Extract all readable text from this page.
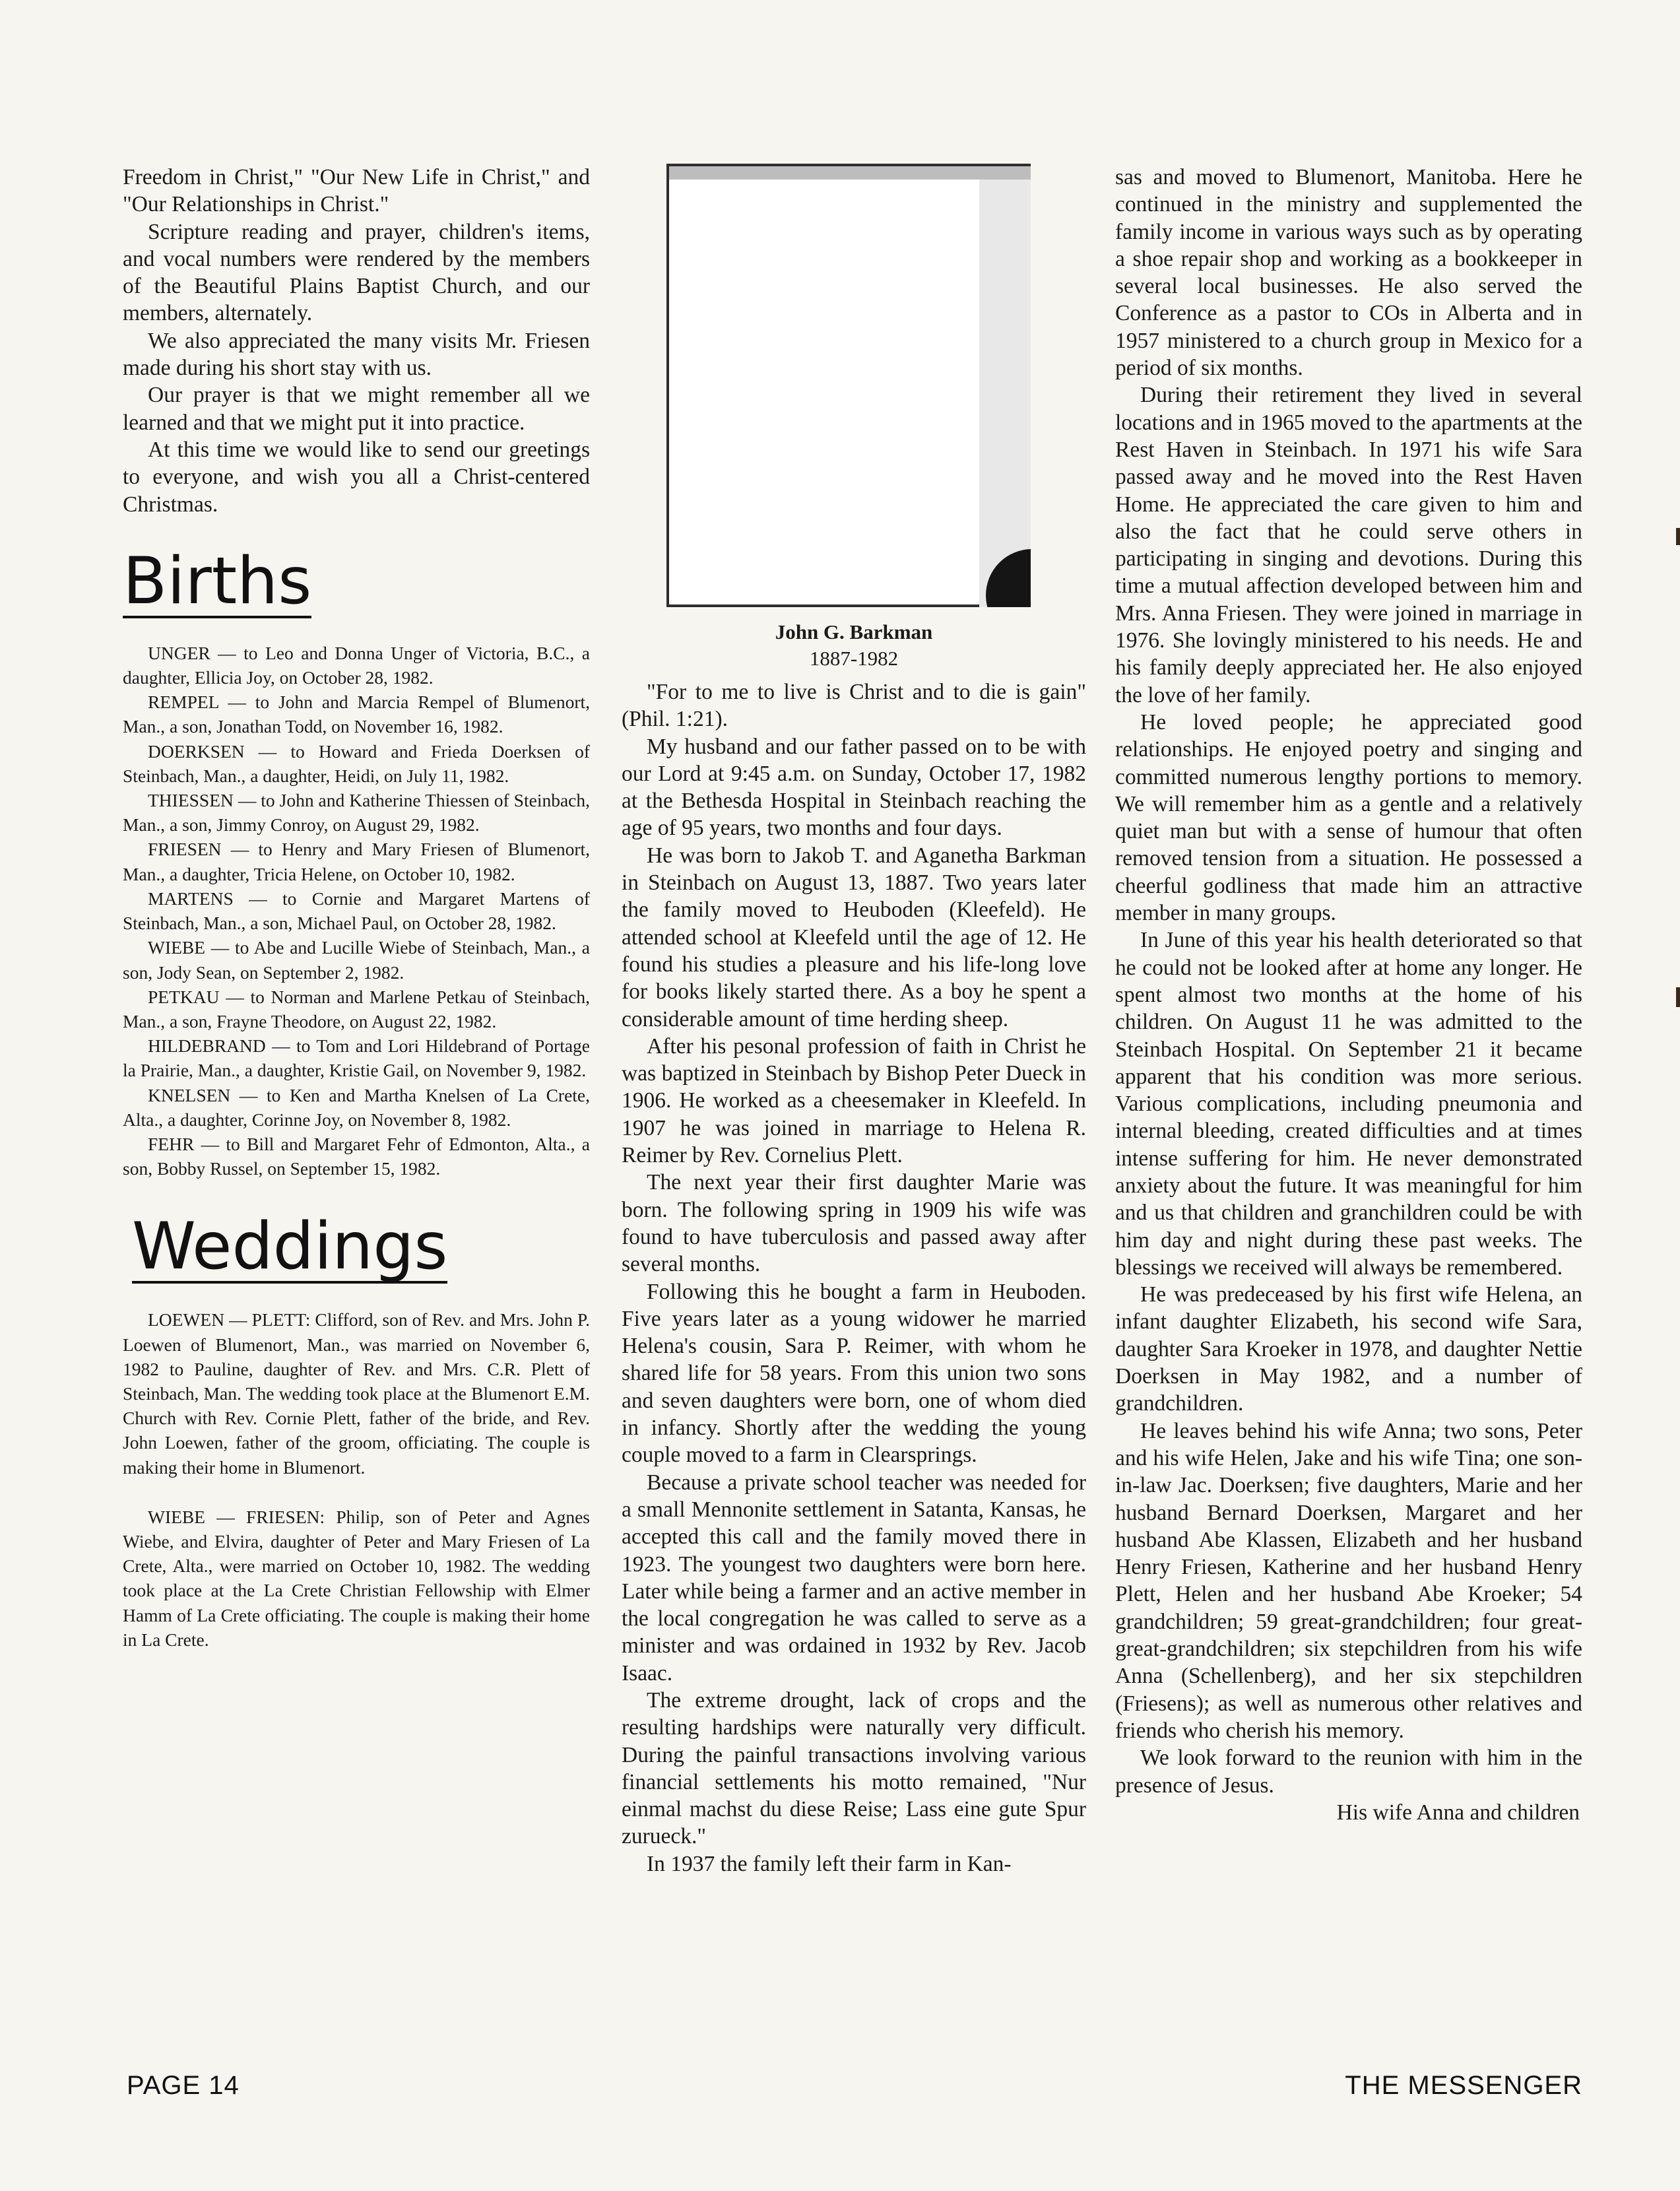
Freedom in Christ," "Our New Life in Christ," and "Our Relationships in Christ."

Scripture reading and prayer, children's items, and vocal numbers were rendered by the members of the Beautiful Plains Baptist Church, and our members, alternately.

We also appreciated the many visits Mr. Friesen made during his short stay with us.

Our prayer is that we might remember all we learned and that we might put it into practice.

At this time we would like to send our greetings to everyone, and wish you all a Christ-centered Christmas.

Births

UNGER — to Leo and Donna Unger of Victoria, B.C., a daughter, Ellicia Joy, on October 28, 1982.

REMPEL — to John and Marcia Rempel of Blumenort, Man., a son, Jonathan Todd, on November 16, 1982.

DOERKSEN — to Howard and Frieda Doerksen of Steinbach, Man., a daughter, Heidi, on July 11, 1982.

THIESSEN — to John and Katherine Thiessen of Steinbach, Man., a son, Jimmy Conroy, on August 29, 1982.

FRIESEN — to Henry and Mary Friesen of Blumenort, Man., a daughter, Tricia Helene, on October 10, 1982.

MARTENS — to Cornie and Margaret Martens of Steinbach, Man., a son, Michael Paul, on October 28, 1982.

WIEBE — to Abe and Lucille Wiebe of Steinbach, Man., a son, Jody Sean, on September 2, 1982.

PETKAU — to Norman and Marlene Petkau of Steinbach, Man., a son, Frayne Theodore, on August 22, 1982.

HILDEBRAND — to Tom and Lori Hildebrand of Portage la Prairie, Man., a daughter, Kristie Gail, on November 9, 1982.

KNELSEN — to Ken and Martha Knelsen of La Crete, Alta., a daughter, Corinne Joy, on November 8, 1982.

FEHR — to Bill and Margaret Fehr of Edmonton, Alta., a son, Bobby Russel, on September 15, 1982.

Weddings

LOEWEN — PLETT: Clifford, son of Rev. and Mrs. John P. Loewen of Blumenort, Man., was married on November 6, 1982 to Pauline, daughter of Rev. and Mrs. C.R. Plett of Steinbach, Man. The wedding took place at the Blumenort E.M. Church with Rev. Cornie Plett, father of the bride, and Rev. John Loewen, father of the groom, officiating. The couple is making their home in Blumenort.

WIEBE — FRIESEN: Philip, son of Peter and Agnes Wiebe, and Elvira, daughter of Peter and Mary Friesen of La Crete, Alta., were married on October 10, 1982. The wedding took place at the La Crete Christian Fellowship with Elmer Hamm of La Crete officiating. The couple is making their home in La Crete.

John G. Barkman
1887-1982

"For to me to live is Christ and to die is gain" (Phil. 1:21).

My husband and our father passed on to be with our Lord at 9:45 a.m. on Sunday, October 17, 1982 at the Bethesda Hospital in Steinbach reaching the age of 95 years, two months and four days.

He was born to Jakob T. and Aganetha Barkman in Steinbach on August 13, 1887. Two years later the family moved to Heuboden (Kleefeld). He attended school at Kleefeld until the age of 12. He found his studies a pleasure and his life-long love for books likely started there. As a boy he spent a considerable amount of time herding sheep.

After his pesonal profession of faith in Christ he was baptized in Steinbach by Bishop Peter Dueck in 1906. He worked as a cheesemaker in Kleefeld. In 1907 he was joined in marriage to Helena R. Reimer by Rev. Cornelius Plett.

The next year their first daughter Marie was born. The following spring in 1909 his wife was found to have tuberculosis and passed away after several months.

Following this he bought a farm in Heuboden. Five years later as a young widower he married Helena's cousin, Sara P. Reimer, with whom he shared life for 58 years. From this union two sons and seven daughters were born, one of whom died in infancy. Shortly after the wedding the young couple moved to a farm in Clearsprings.

Because a private school teacher was needed for a small Mennonite settlement in Satanta, Kansas, he accepted this call and the family moved there in 1923. The youngest two daughters were born here. Later while being a farmer and an active member in the local congregation he was called to serve as a minister and was ordained in 1932 by Rev. Jacob Isaac.

The extreme drought, lack of crops and the resulting hardships were naturally very difficult. During the painful transactions involving various financial settlements his motto remained, "Nur einmal machst du diese Reise; Lass eine gute Spur zurueck."

In 1937 the family left their farm in Kan-

sas and moved to Blumenort, Manitoba. Here he continued in the ministry and supplemented the family income in various ways such as by operating a shoe repair shop and working as a bookkeeper in several local businesses. He also served the Conference as a pastor to COs in Alberta and in 1957 ministered to a church group in Mexico for a period of six months.

During their retirement they lived in several locations and in 1965 moved to the apartments at the Rest Haven in Steinbach. In 1971 his wife Sara passed away and he moved into the Rest Haven Home. He appreciated the care given to him and also the fact that he could serve others in participating in singing and devotions. During this time a mutual affection developed between him and Mrs. Anna Friesen. They were joined in marriage in 1976. She lovingly ministered to his needs. He and his family deeply appreciated her. He also enjoyed the love of her family.

He loved people; he appreciated good relationships. He enjoyed poetry and singing and committed numerous lengthy portions to memory. We will remember him as a gentle and a relatively quiet man but with a sense of humour that often removed tension from a situation. He possessed a cheerful godliness that made him an attractive member in many groups.

In June of this year his health deteriorated so that he could not be looked after at home any longer. He spent almost two months at the home of his children. On August 11 he was admitted to the Steinbach Hospital. On September 21 it became apparent that his condition was more serious. Various complications, including pneumonia and internal bleeding, created difficulties and at times intense suffering for him. He never demonstrated anxiety about the future. It was meaningful for him and us that children and granchildren could be with him day and night during these past weeks. The blessings we received will always be remembered.

He was predeceased by his first wife Helena, an infant daughter Elizabeth, his second wife Sara, daughter Sara Kroeker in 1978, and daughter Nettie Doerksen in May 1982, and a number of grandchildren.

He leaves behind his wife Anna; two sons, Peter and his wife Helen, Jake and his wife Tina; one son-in-law Jac. Doerksen; five daughters, Marie and her husband Bernard Doerksen, Margaret and her husband Abe Klassen, Elizabeth and her husband Henry Friesen, Katherine and her husband Henry Plett, Helen and her husband Abe Kroeker; 54 grandchildren; 59 great-grandchildren; four great-great-grandchildren; six stepchildren from his wife Anna (Schellenberg), and her six stepchildren (Friesens); as well as numerous other relatives and friends who cherish his memory.

We look forward to the reunion with him in the presence of Jesus.

His wife Anna and children

PAGE 14	THE MESSENGER
